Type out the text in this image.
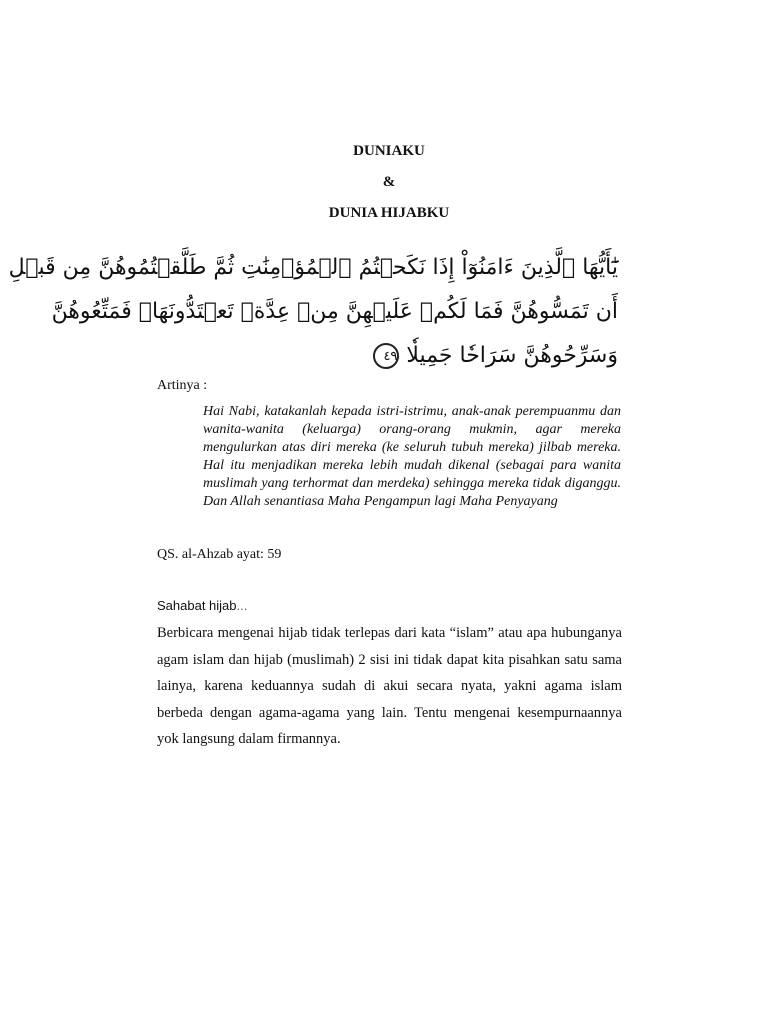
DUNIAKU
&
DUNIA HIJABKU
يَٰٓأَيُّهَا ٱلَّذِينَ ءَامَنُوٓاْ إِذَا نَكَحۡتُمُ ٱلۡمُؤۡمِنَٰتِ ثُمَّ طَلَّقۡتُمُوهُنَّ مِن قَبۡلِ
أَن تَمَسُّوهُنَّ فَمَا لَكُمۡ عَلَيۡهِنَّ مِنۡ عِدَّةٖ تَعۡتَدُّونَهَاۖ فَمَتِّعُوهُنَّ
وَسَرِّحُوهُنَّ سَرَاحٗا جَمِيلٗا ٤٩
Artinya :
Hai Nabi, katakanlah kepada istri-istrimu, anak-anak perempuanmu dan wanita-wanita (keluarga) orang-orang mukmin, agar mereka mengulurkan atas diri mereka (ke seluruh tubuh mereka) jilbab mereka. Hal itu menjadikan mereka lebih mudah dikenal (sebagai para wanita muslimah yang terhormat dan merdeka) sehingga mereka tidak diganggu. Dan Allah senantiasa Maha Pengampun lagi Maha Penyayang
QS. al-Ahzab ayat: 59
Sahabat hijab...
Berbicara mengenai hijab tidak terlepas dari kata “islam” atau apa hubunganya agam islam dan hijab (muslimah) 2 sisi ini tidak dapat kita pisahkan satu sama lainya, karena keduannya sudah di akui secara nyata, yakni agama islam berbeda dengan agama-agama yang lain. Tentu mengenai kesempurnaannya yok langsung dalam firmannya.
